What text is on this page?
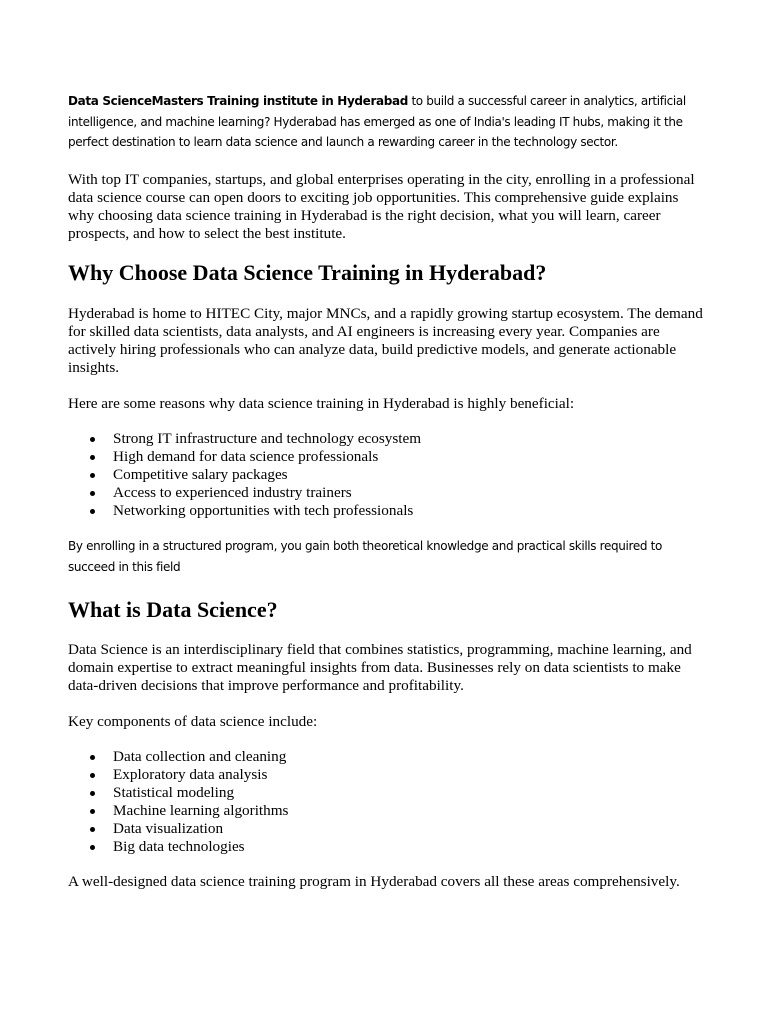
Data ScienceMasters Training institute in Hyderabad to build a successful career in analytics, artificial intelligence, and machine learning? Hyderabad has emerged as one of India's leading IT hubs, making it the perfect destination to learn data science and launch a rewarding career in the technology sector.

With top IT companies, startups, and global enterprises operating in the city, enrolling in a professional data science course can open doors to exciting job opportunities. This comprehensive guide explains why choosing data science training in Hyderabad is the right decision, what you will learn, career prospects, and how to select the best institute.

Why Choose Data Science Training in Hyderabad?

Hyderabad is home to HITEC City, major MNCs, and a rapidly growing startup ecosystem. The demand for skilled data scientists, data analysts, and AI engineers is increasing every year. Companies are actively hiring professionals who can analyze data, build predictive models, and generate actionable insights.

Here are some reasons why data science training in Hyderabad is highly beneficial:

Strong IT infrastructure and technology ecosystem
High demand for data science professionals
Competitive salary packages
Access to experienced industry trainers
Networking opportunities with tech professionals

By enrolling in a structured program, you gain both theoretical knowledge and practical skills required to succeed in this field

What is Data Science?

Data Science is an interdisciplinary field that combines statistics, programming, machine learning, and domain expertise to extract meaningful insights from data. Businesses rely on data scientists to make data-driven decisions that improve performance and profitability.

Key components of data science include:

Data collection and cleaning
Exploratory data analysis
Statistical modeling
Machine learning algorithms
Data visualization
Big data technologies

A well-designed data science training program in Hyderabad covers all these areas comprehensively.
